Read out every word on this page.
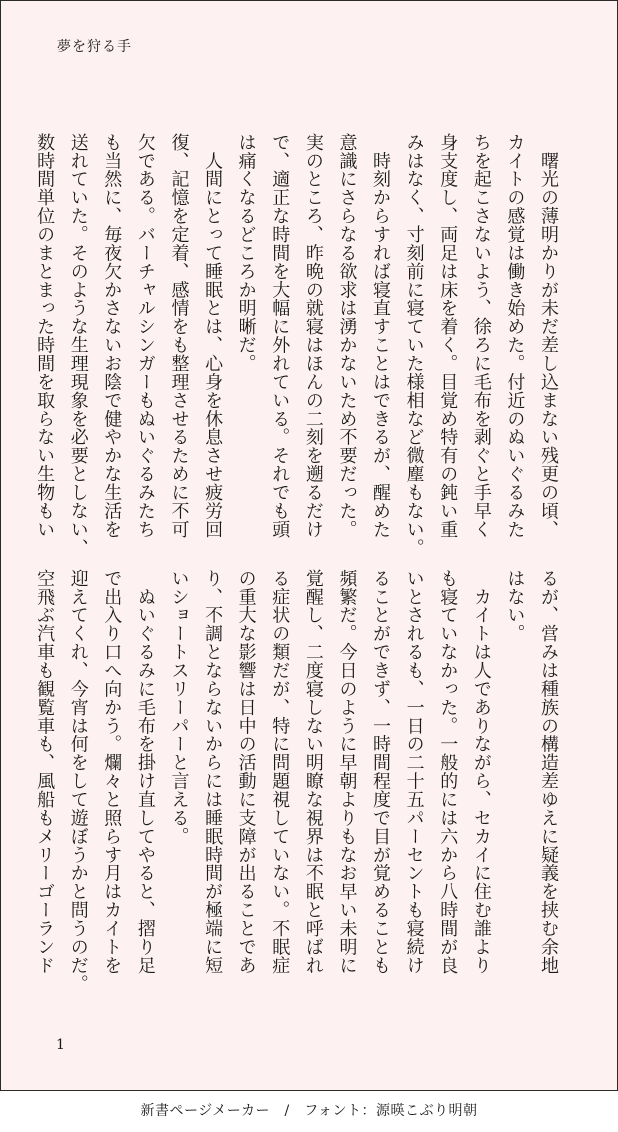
夢を狩る手
　曙光の薄明かりが未だ差し込まない残更の頃、
カイトの感覚は働き始めた。付近のぬいぐるみた
ちを起こさないよう、徐ろに毛布を剥ぐと手早く
身支度し、両足は床を着く。目覚め特有の鈍い重
みはなく、寸刻前に寝ていた様相など微塵もない。
　時刻からすれば寝直すことはできるが、醒めた
意識にさらなる欲求は湧かないため不要だった。
実のところ、昨晩の就寝はほんの二刻を遡るだけ
で、適正な時間を大幅に外れている。それでも頭
は痛くなるどころか明晰だ。
　人間にとって睡眠とは、心身を休息させ疲労回
復、記憶を定着、感情をも整理させるために不可
欠である。バーチャルシンガーもぬいぐるみたち
も当然に、毎夜欠かさないお陰で健やかな生活を
送れていた。そのような生理現象を必要としない、
数時間単位のまとまった時間を取らない生物もい
るが、営みは種族の構造差ゆえに疑義を挟む余地
はない。
　カイトは人でありながら、セカイに住む誰より
も寝ていなかった。一般的には六から八時間が良
いとされるも、一日の二十五パーセントも寝続け
ることができず、一時間程度で目が覚めることも
頻繁だ。今日のように早朝よりもなお早い未明に
覚醒し、二度寝しない明瞭な視界は不眠と呼ばれ
る症状の類だが、特に問題視していない。不眠症
の重大な影響は日中の活動に支障が出ることであ
り、不調とならないからには睡眠時間が極端に短
いショートスリーパーと言える。
　ぬいぐるみに毛布を掛け直してやると、摺り足
で出入り口へ向かう。爛々と照らす月はカイトを
迎えてくれ、今宵は何をして遊ぼうかと問うのだ。
空飛ぶ汽車も観覧車も、風船もメリーゴーランド
1
新書ページメーカー　/　フォント：源暎こぶり明朝
